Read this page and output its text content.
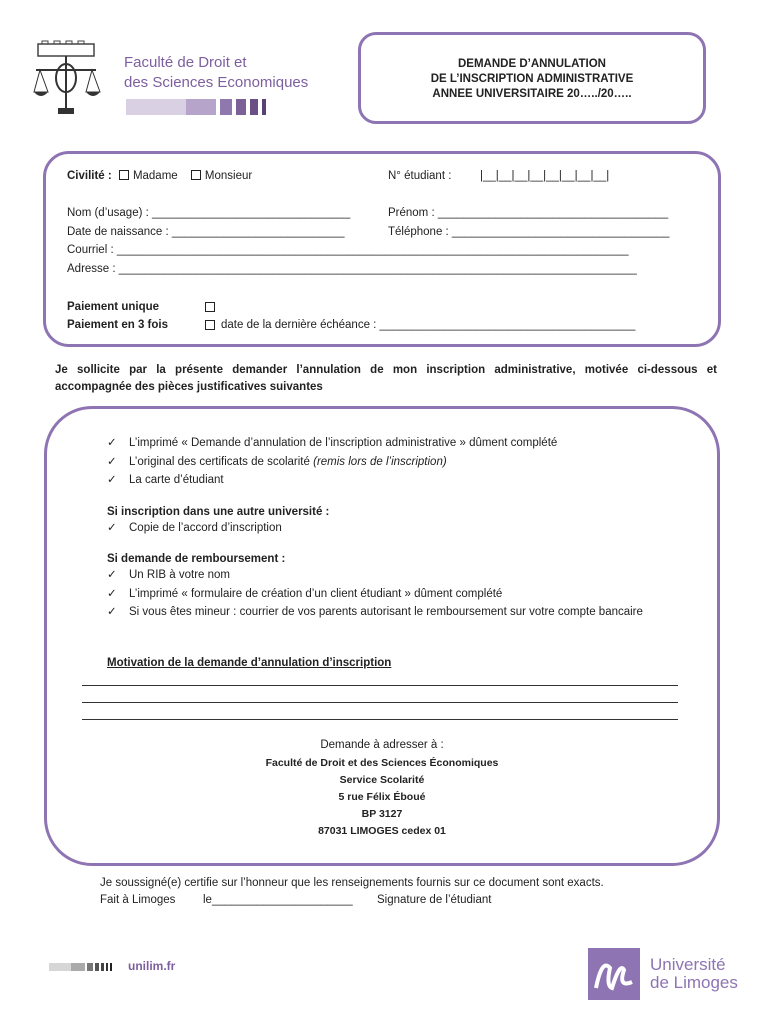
Faculté de Droit et
des Sciences Economiques
DEMANDE D’ANNULATION
DE L’INSCRIPTION ADMINISTRATIVE
ANNEE UNIVERSITAIRE 20…../20…..
Civilité : Madame Monsieur	N° étudiant : |__|__|__|__|__|__|__|__|
Nom (d’usage) : _______________________________	Prénom : ____________________________________
Date de naissance : ___________________________	Téléphone : __________________________________
Courriel : ________________________________________________________________________________
Adresse : _________________________________________________________________________________
Paiement unique
Paiement en 3 fois	date de la dernière échéance : ________________________________________
Je sollicite par la présente demander l’annulation de mon inscription administrative, motivée ci-dessous et accompagnée des pièces justificatives suivantes
✓ L’imprimé « Demande d’annulation de l’inscription administrative » dûment complété
✓ L’original des certificats de scolarité (remis lors de l’inscription)
✓ La carte d’étudiant
Si inscription dans une autre université :
✓ Copie de l’accord d’inscription
Si demande de remboursement :
✓ Un RIB à votre nom
✓ L’imprimé « formulaire de création d’un client étudiant » dûment complété
✓ Si vous êtes mineur : courrier de vos parents autorisant le remboursement sur votre compte bancaire
Motivation de la demande d’annulation d’inscription
Demande à adresser à :
Faculté de Droit et des Sciences Économiques
Service Scolarité
5 rue Félix Éboué
BP 3127
87031 LIMOGES cedex 01
Je soussigné(e) certifie sur l’honneur que les renseignements fournis sur ce document sont exacts.
Fait à Limoges le______________________ Signature de l’étudiant
unilim.fr	Université
de Limoges
